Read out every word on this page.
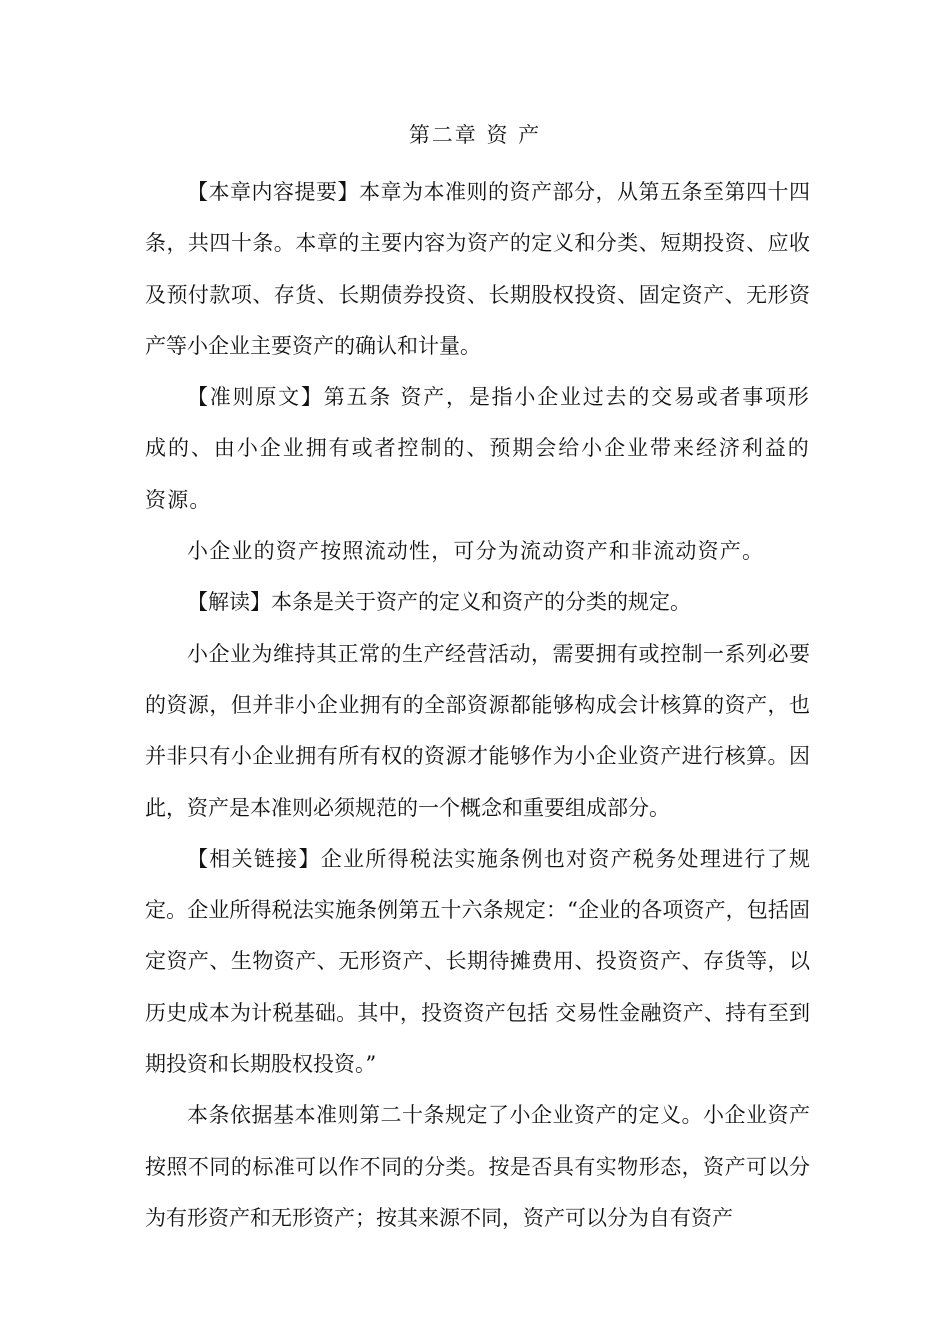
第二章 资 产

【本章内容提要】本章为本准则的资产部分，从第五条至第四十四条，共四十条。本章的主要内容为资产的定义和分类、短期投资、应收及预付款项、存货、长期债券投资、长期股权投资、固定资产、无形资产等小企业主要资产的确认和计量。

【准则原文】第五条 资产，是指小企业过去的交易或者事项形成的、由小企业拥有或者控制的、预期会给小企业带来经济利益的资源。

小企业的资产按照流动性，可分为流动资产和非流动资产。

【解读】本条是关于资产的定义和资产的分类的规定。

小企业为维持其正常的生产经营活动，需要拥有或控制一系列必要的资源，但并非小企业拥有的全部资源都能够构成会计核算的资产，也并非只有小企业拥有所有权的资源才能够作为小企业资产进行核算。因此，资产是本准则必须规范的一个概念和重要组成部分。

【相关链接】企业所得税法实施条例也对资产税务处理进行了规定。企业所得税法实施条例第五十六条规定：“企业的各项资产，包括固定资产、生物资产、无形资产、长期待摊费用、投资资产、存货等，以历史成本为计税基础。其中，投资资产包括 交易性金融资产、持有至到期投资和长期股权投资。”

本条依据基本准则第二十条规定了小企业资产的定义。小企业资产按照不同的标准可以作不同的分类。按是否具有实物形态，资产可以分为有形资产和无形资产；按其来源不同，资产可以分为自有资产
